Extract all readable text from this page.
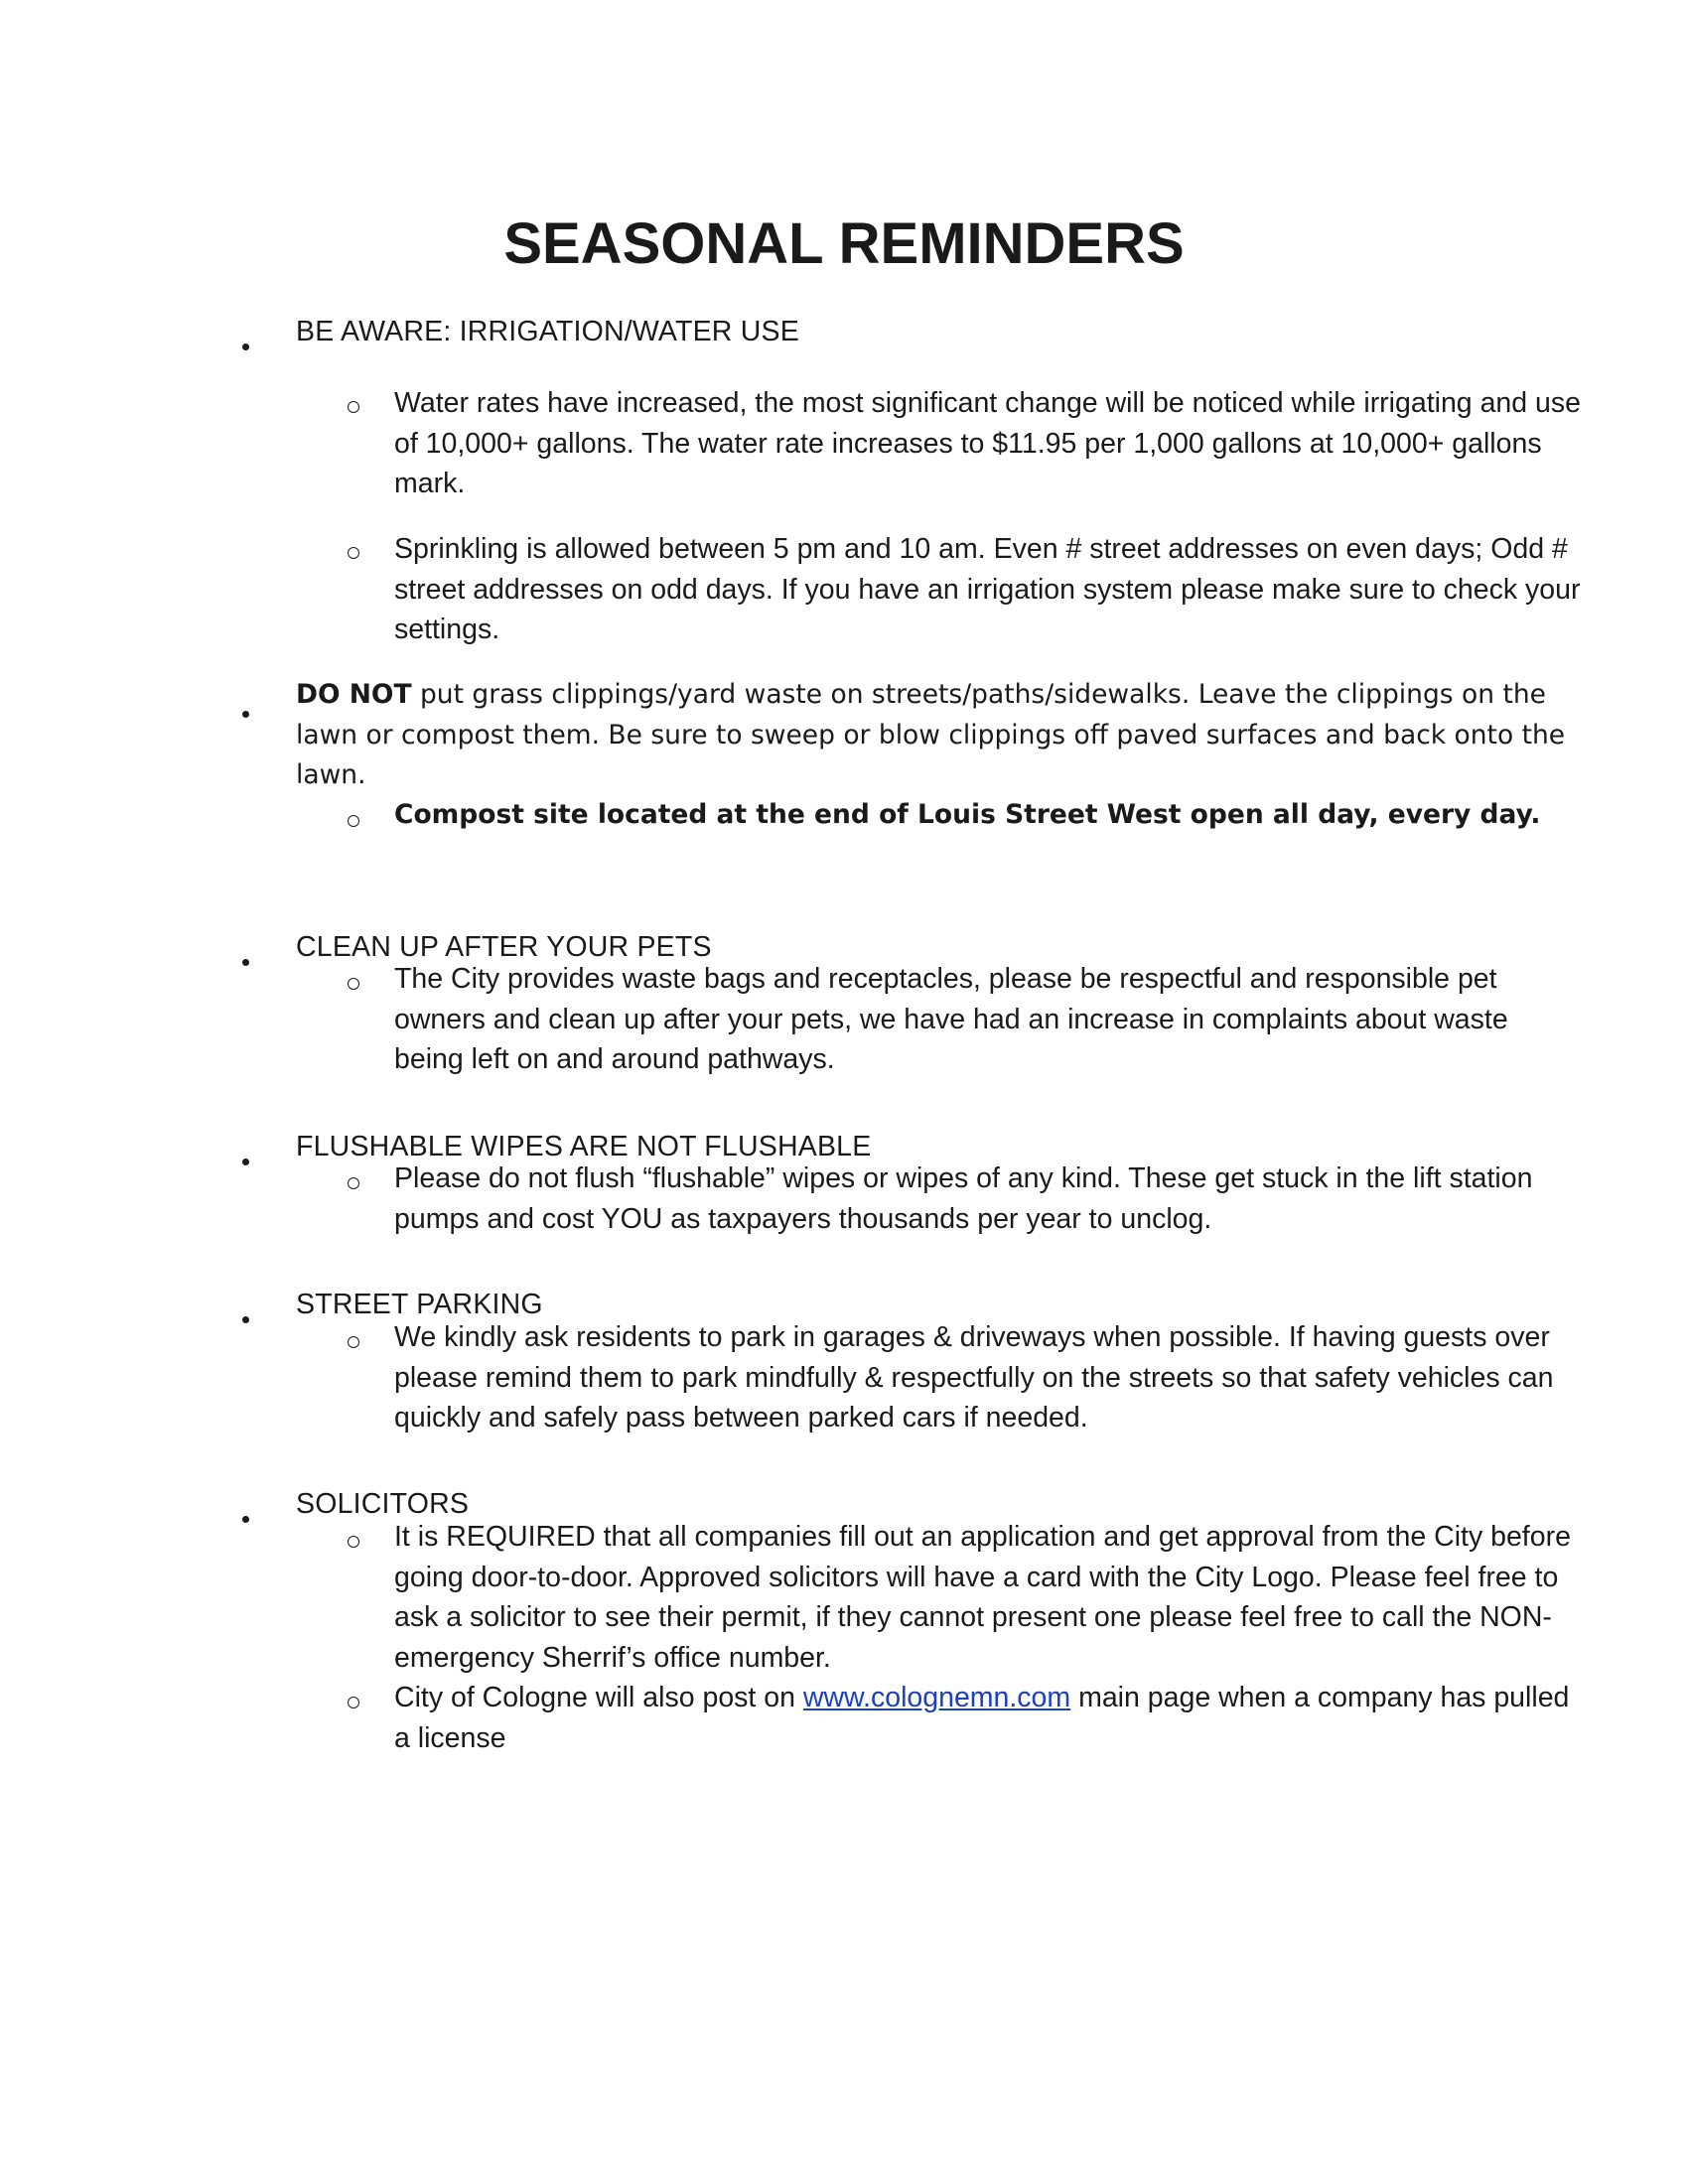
SEASONAL REMINDERS
BE AWARE: IRRIGATION/WATER USE
Water rates have increased, the most significant change will be noticed while irrigating and use of 10,000+ gallons. The water rate increases to $11.95 per 1,000 gallons at 10,000+ gallons mark.
Sprinkling is allowed between 5 pm and 10 am. Even # street addresses on even days; Odd # street addresses on odd days. If you have an irrigation system please make sure to check your settings.
DO NOT put grass clippings/yard waste on streets/paths/sidewalks. Leave the clippings on the lawn or compost them. Be sure to sweep or blow clippings off paved surfaces and back onto the lawn.
Compost site located at the end of Louis Street West open all day, every day.
CLEAN UP AFTER YOUR PETS
The City provides waste bags and receptacles, please be respectful and responsible pet owners and clean up after your pets, we have had an increase in complaints about waste being left on and around pathways.
FLUSHABLE WIPES ARE NOT FLUSHABLE
Please do not flush “flushable” wipes or wipes of any kind. These get stuck in the lift station pumps and cost YOU as taxpayers thousands per year to unclog.
STREET PARKING
We kindly ask residents to park in garages & driveways when possible. If having guests over please remind them to park mindfully & respectfully on the streets so that safety vehicles can quickly and safely pass between parked cars if needed.
SOLICITORS
It is REQUIRED that all companies fill out an application and get approval from the City before going door-to-door. Approved solicitors will have a card with the City Logo. Please feel free to ask a solicitor to see their permit, if they cannot present one please feel free to call the NON-emergency Sherrif’s office number.
City of Cologne will also post on www.colognemn.com main page when a company has pulled a license
